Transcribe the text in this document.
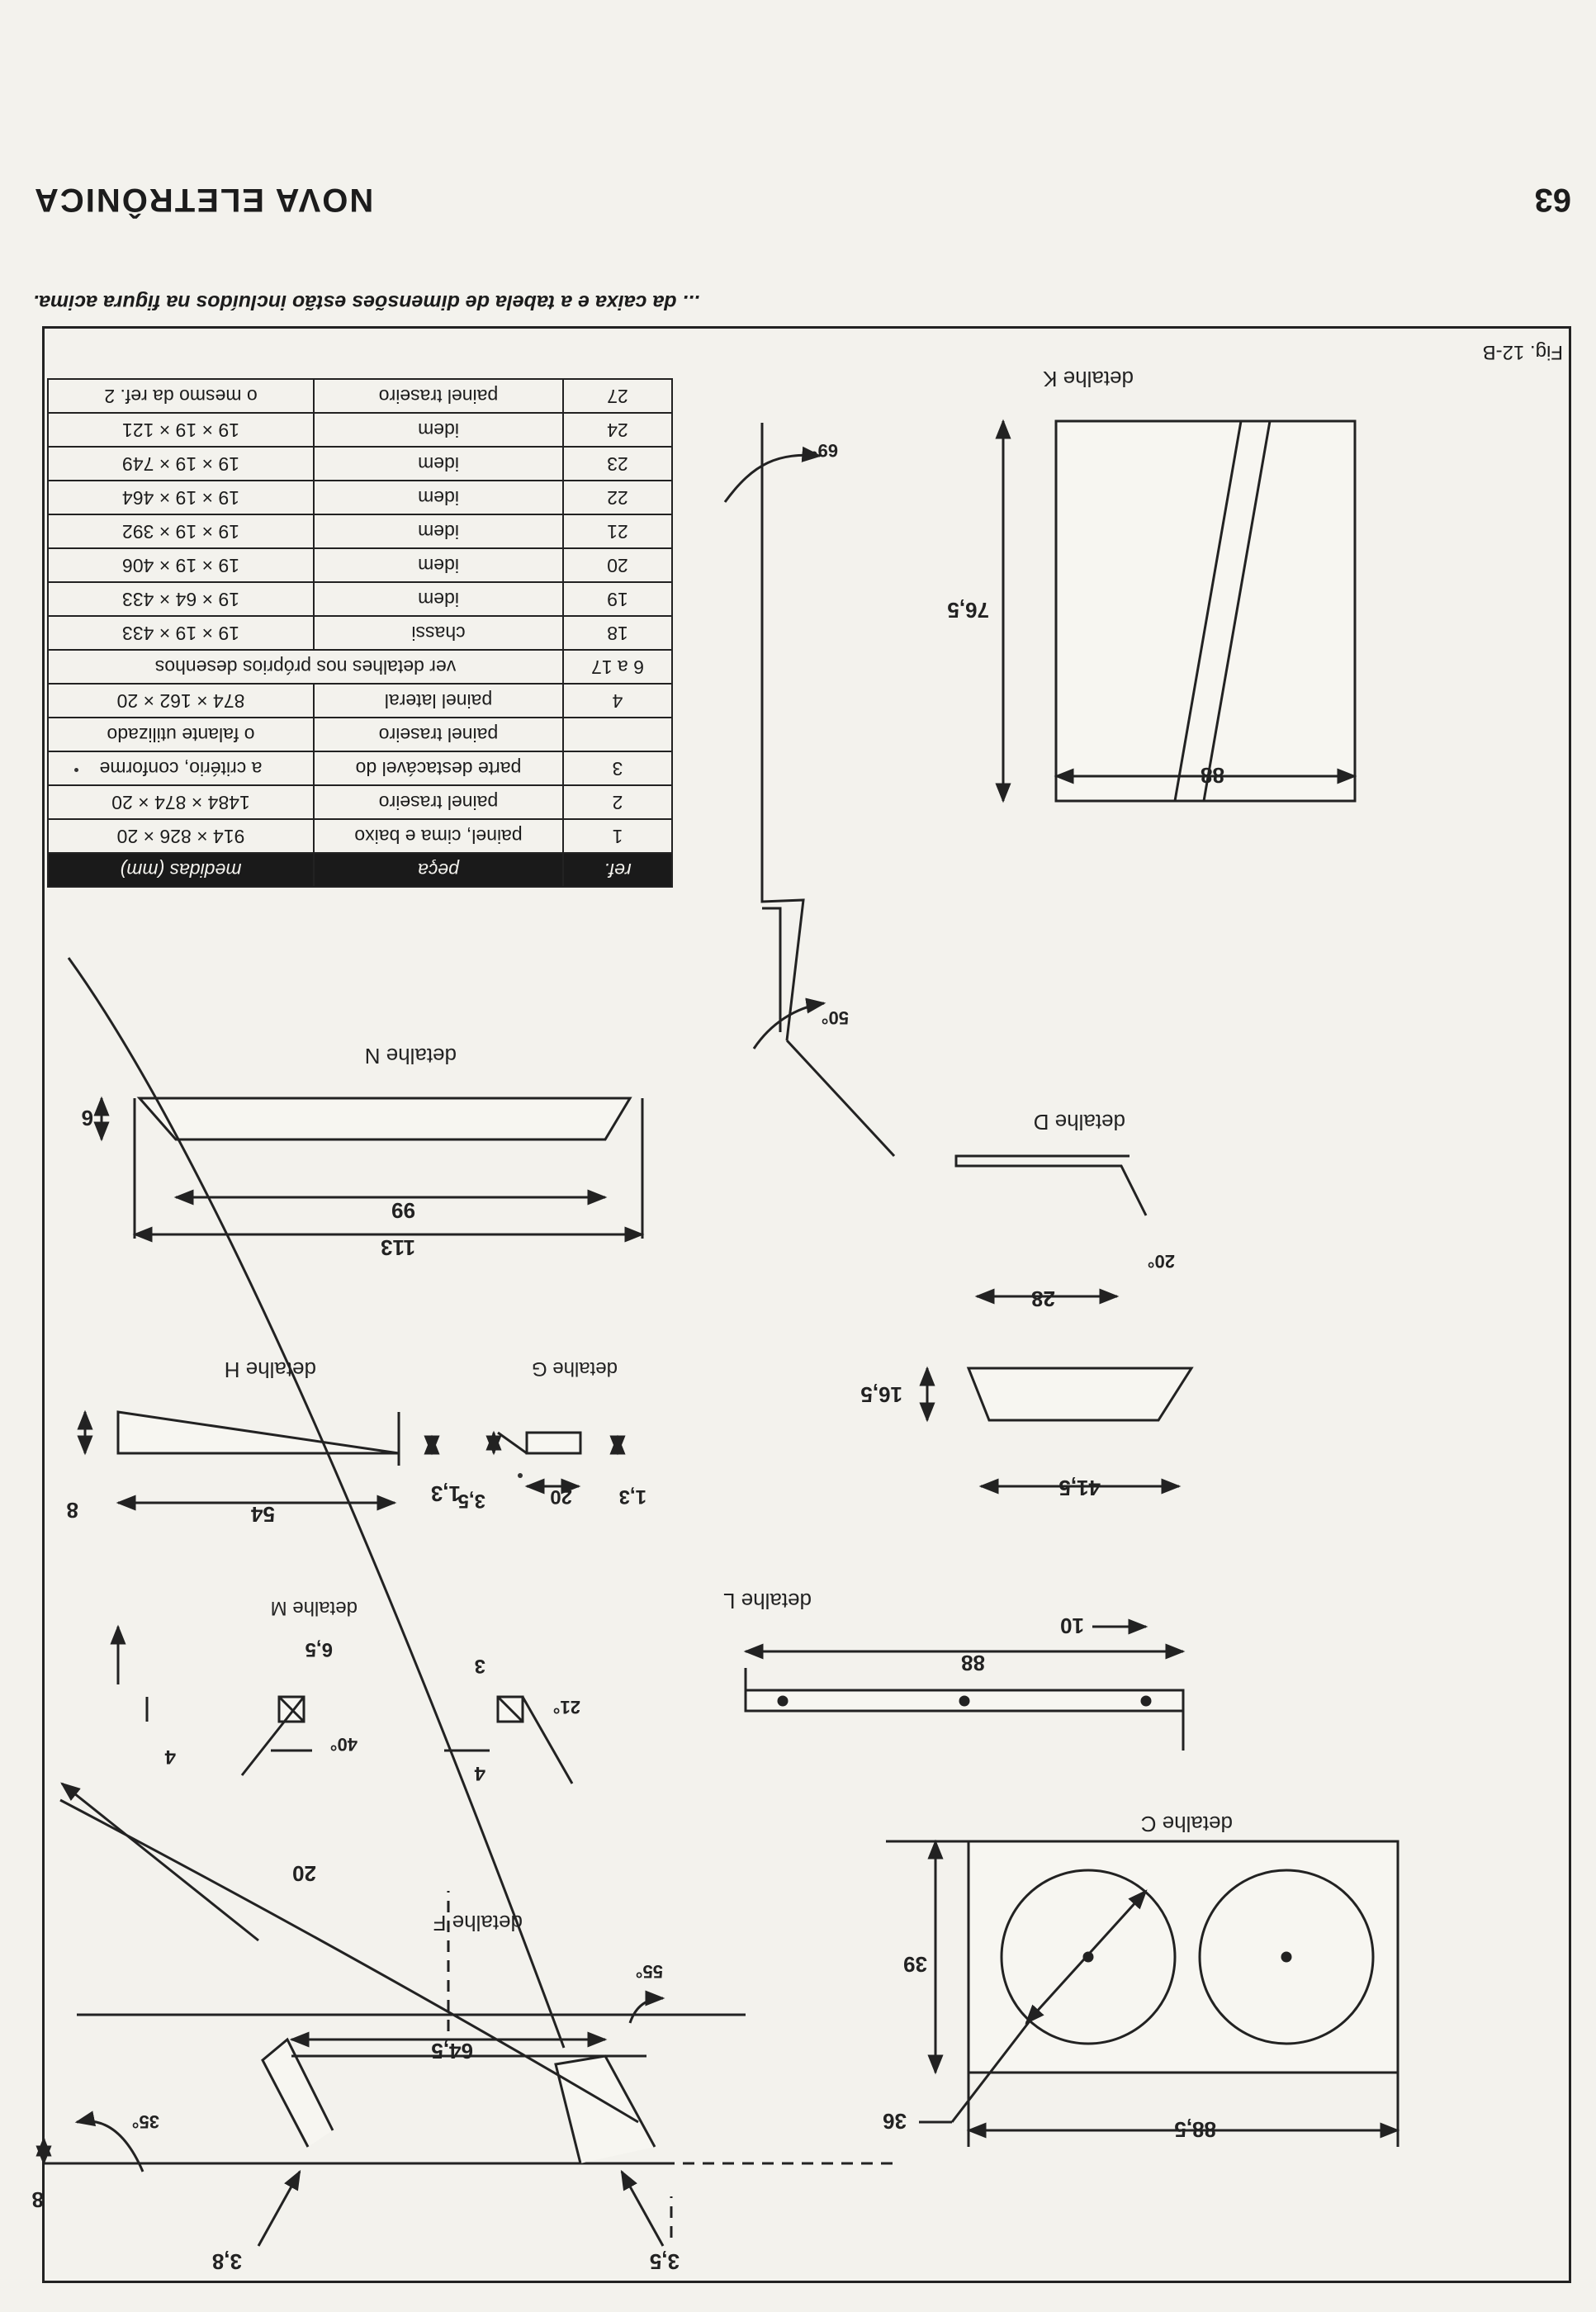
63
NOVA ELETRÔNICA
... da caixa e a tabela de dimensões estão incluídos na figura acima.
Fig. 12-B
detalhe K
88
76,5
69°
50°
detalhe N
113
99
6	detalhe D
20°
28
16,5
41,5
detalhe H
54
8
1,3
detalhe G
20
3,5	1,3
detalhe L
88
10
detalhe M
4
6,5
40°
4
3
21°
detalhe F
64,5
20
35°
55°
8
3,8	3,5
detalhe C
88,5
39
36
ref.	peça	medidas (mm)
1	painel, cima e baixo	914 × 826 × 20
2	painel traseiro	1484 × 874 × 20
3	parte destacável do	a critério, conforme
	painel traseiro	o falante utilizado
4	painel lateral	874 × 162 × 20
6 a 17	ver detalhes nos próprios desenhos	
18	chassi	19 × 19 × 433
19	idem	19 × 64 × 433
20	idem	19 × 19 × 406
21	idem	19 × 19 × 392
22	idem	19 × 19 × 464
23	idem	19 × 19 × 749
24	idem	19 × 19 × 121
27	painel traseiro	o mesmo da ref. 2
